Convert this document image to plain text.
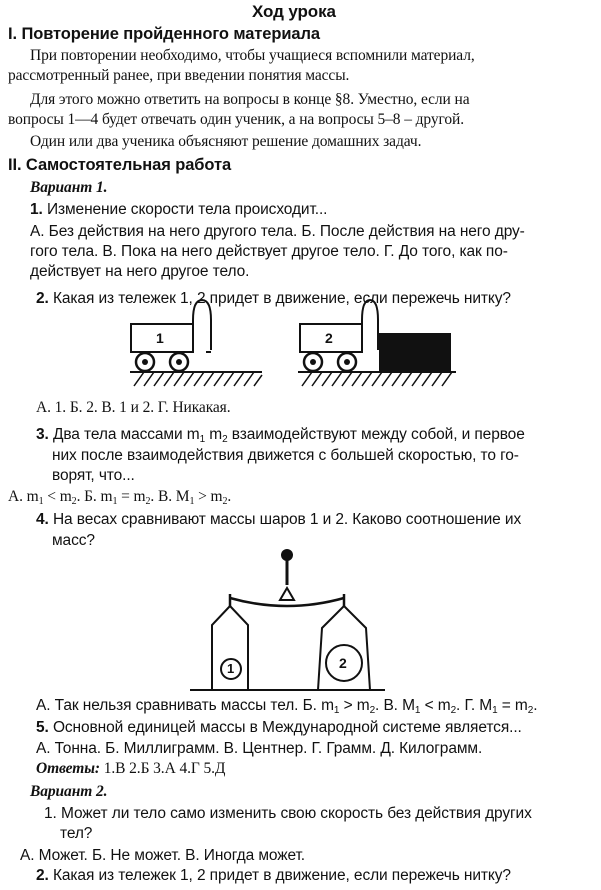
Ход урока
I. Повторение пройденного материала
При повторении необходимо, чтобы учащиеся вспомнили материал,
рассмотренный ранее, при введении понятия массы.
Для этого можно ответить на вопросы в конце §8. Уместно, если на
вопросы 1—4 будет отвечать один ученик, а на вопросы 5–8 – другой.
Один или два ученика объясняют решение домашних задач.
II. Самостоятельная работа
Вариант 1.
1. Изменение скорости тела происходит...
А. Без действия на него другого тела. Б. После действия на него дру-
гого тела. В. Пока на него действует другое тело. Г. До того, как по-
действует на него другое тело.
2. Какая из тележек 1, 2 придет в движение, если пережечь нитку?
1	2
А. 1. Б. 2. В. 1 и 2. Г. Никакая.
3. Два тела массами $m_1$ $m_2$ взаимодействуют между собой, и первое
них после взаимодействия движется с большей скоростью, то го-
ворят, что...
А. $m_1 < m_2$. Б. $m_1 = m_2$. В. $M_1 > m_2$.
4. На весах сравнивают массы шаров 1 и 2. Каково соотношение их
масс?
1	2
А. Так нельзя сравнивать массы тел. Б. $m_1 > m_2$. В. $M_1 < m_2$. Г. $M_1 = m_2$.
5. Основной единицей массы в Международной системе является...
А. Тонна. Б. Миллиграмм. В. Центнер. Г. Грамм. Д. Килограмм.
Ответы: 1.В 2.Б 3.А 4.Г 5.Д
Вариант 2.
1. Может ли тело само изменить свою скорость без действия других
тел?
А. Может. Б. Не может. В. Иногда может.
2. Какая из тележек 1, 2 придет в движение, если пережечь нитку?
